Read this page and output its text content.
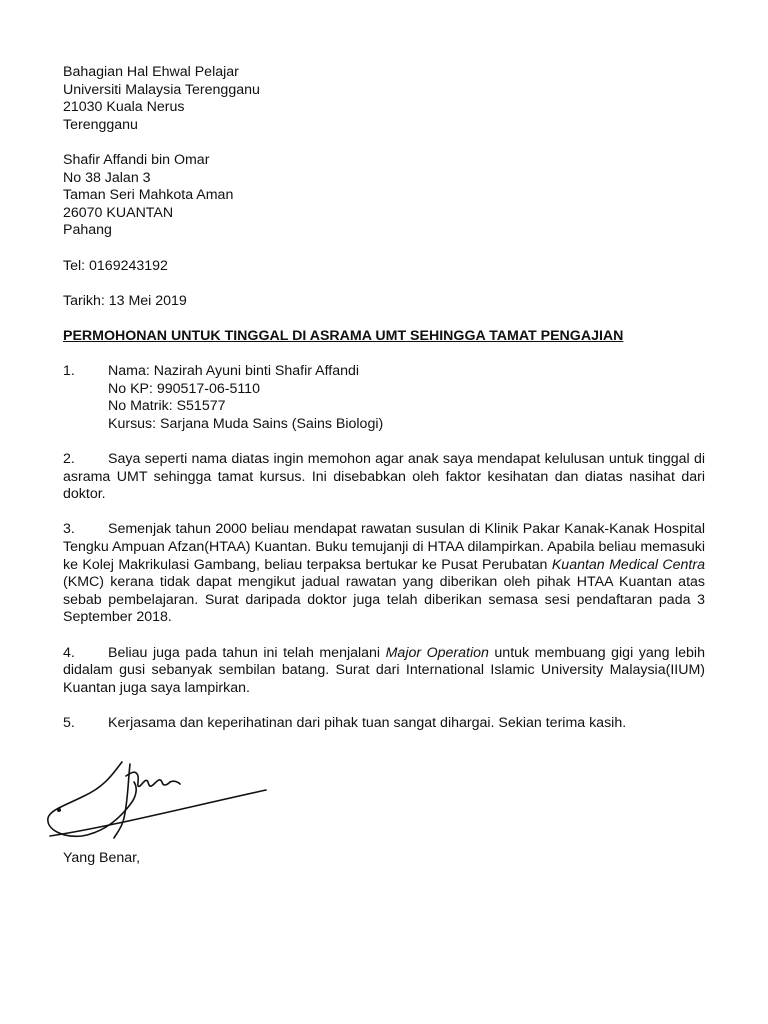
Bahagian Hal Ehwal Pelajar
Universiti Malaysia Terengganu
21030 Kuala Nerus
Terengganu
Shafir Affandi bin Omar
No 38 Jalan 3
Taman Seri Mahkota Aman
26070 KUANTAN
Pahang
Tel: 0169243192
Tarikh: 13 Mei 2019
PERMOHONAN UNTUK TINGGAL DI ASRAMA UMT SEHINGGA TAMAT PENGAJIAN
1. Nama: Nazirah Ayuni binti Shafir Affandi
No KP: 990517-06-5110
No Matrik: S51577
Kursus: Sarjana Muda Sains (Sains Biologi)
2. Saya seperti nama diatas ingin memohon agar anak saya mendapat kelulusan untuk tinggal di asrama UMT sehingga tamat kursus. Ini disebabkan oleh faktor kesihatan dan diatas nasihat dari doktor.
3. Semenjak tahun 2000 beliau mendapat rawatan susulan di Klinik Pakar Kanak-Kanak Hospital Tengku Ampuan Afzan(HTAA) Kuantan. Buku temujanji di HTAA dilampirkan. Apabila beliau memasuki ke Kolej Makrikulasi Gambang, beliau terpaksa bertukar ke Pusat Perubatan Kuantan Medical Centra (KMC) kerana tidak dapat mengikut jadual rawatan yang diberikan oleh pihak HTAA Kuantan atas sebab pembelajaran. Surat daripada doktor juga telah diberikan semasa sesi pendaftaran pada 3 September 2018.
4. Beliau juga pada tahun ini telah menjalani Major Operation untuk membuang gigi yang lebih didalam gusi sebanyak sembilan batang. Surat dari International Islamic University Malaysia(IIUM) Kuantan juga saya lampirkan.
5. Kerjasama dan keperihatinan dari pihak tuan sangat dihargai. Sekian terima kasih.
Yang Benar,
